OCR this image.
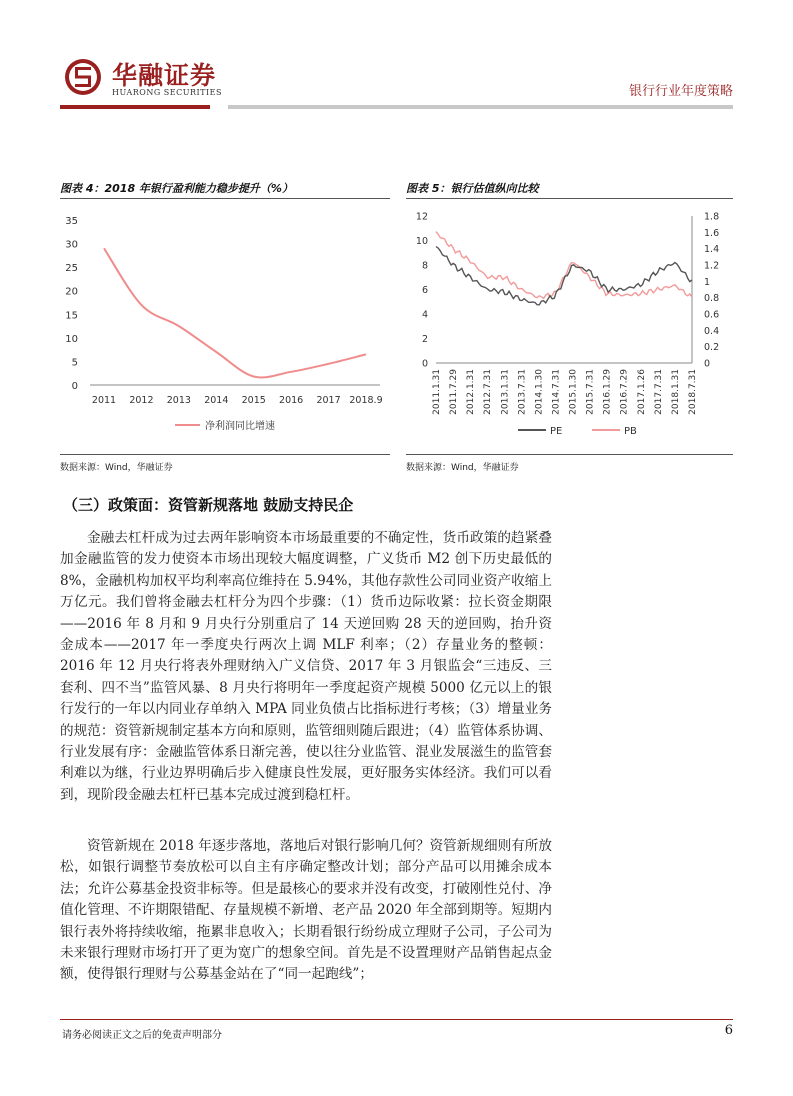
华融证券
HUARONG SECURITIES	银行行业年度策略
图表 4：2018 年银行盈利能力稳步提升（%）
0
5
10
15
20
25
30
35
2011 2012 2013 2014 2015 2016 2017 2018.9
净利润同比增速
数据来源：Wind，华融证券
图表 5：银行估值纵向比较
0
2
4
6
8
10
12
0
0.2
0.4
0.6
0.8
1
1.2
1.4
1.6
1.8
2011.1.31 2011.7.29 2012.1.31 2012.7.31 2013.1.31 2013.7.31 2014.1.30 2014.7.31 2015.1.30 2015.7.31 2016.1.29 2016.7.29 2017.1.26 2017.7.31 2018.1.31 2018.7.31
PE	PB
数据来源：Wind，华融证券
（三）政策面：资管新规落地 鼓励支持民企
金融去杠杆成为过去两年影响资本市场最重要的不确定性，货币政策的趋紧叠加金融监管的发力使资本市场出现较大幅度调整，广义货币 M2 创下历史最低的 8%，金融机构加权平均利率高位维持在 5.94%，其他存款性公司同业资产收缩上万亿元。我们曾将金融去杠杆分为四个步骤：（1）货币边际收紧：拉长资金期限——2016 年 8 月和 9 月央行分别重启了 14 天逆回购 28 天的逆回购，抬升资金成本——2017 年一季度央行两次上调 MLF 利率；（2）存量业务的整顿：2016 年 12 月央行将表外理财纳入广义信贷、2017 年 3 月银监会“三违反、三套利、四不当”监管风暴、8 月央行将明年一季度起资产规模 5000 亿元以上的银行发行的一年以内同业存单纳入 MPA 同业负债占比指标进行考核；（3）增量业务的规范：资管新规制定基本方向和原则，监管细则随后跟进；（4）监管体系协调、行业发展有序：金融监管体系日渐完善，使以往分业监管、混业发展滋生的监管套利难以为继，行业边界明确后步入健康良性发展，更好服务实体经济。我们可以看到，现阶段金融去杠杆已基本完成过渡到稳杠杆。
资管新规在 2018 年逐步落地，落地后对银行影响几何？资管新规细则有所放松，如银行调整节奏放松可以自主有序确定整改计划；部分产品可以用摊余成本法；允许公募基金投资非标等。但是最核心的要求并没有改变，打破刚性兑付、净值化管理、不许期限错配、存量规模不新增、老产品 2020 年全部到期等。短期内银行表外将持续收缩，拖累非息收入；长期看银行纷纷成立理财子公司，子公司为未来银行理财市场打开了更为宽广的想象空间。首先是不设置理财产品销售起点金额，使得银行理财与公募基金站在了“同一起跑线”；
请务必阅读正文之后的免责声明部分	6
